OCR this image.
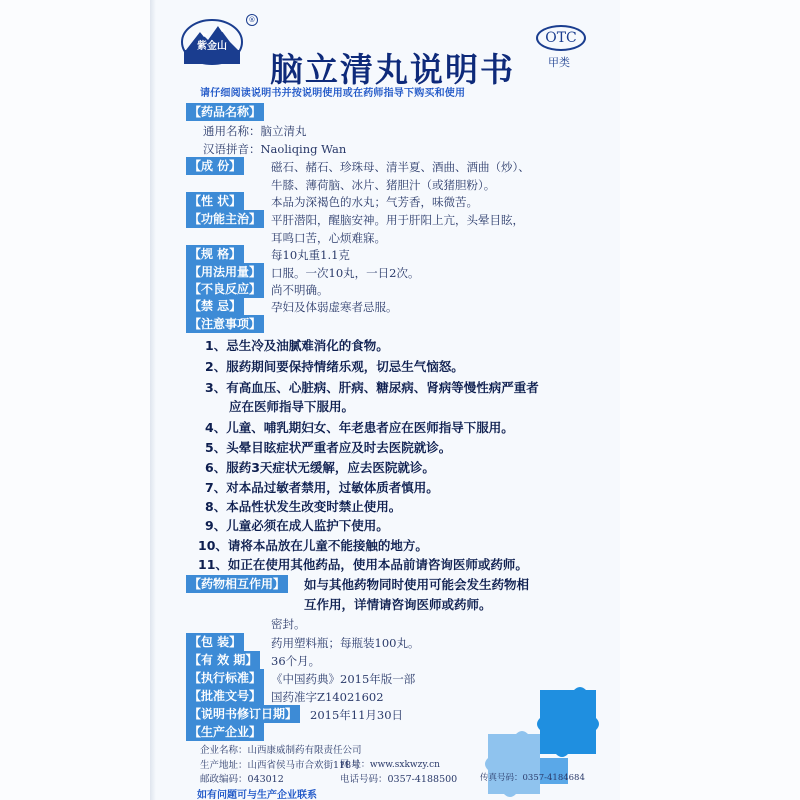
紫金山
®
脑立清丸说明书
OTC
甲类
请仔细阅读说明书并按说明使用或在药师指导下购买和使用
【药品名称】
通用名称：脑立清丸
汉语拼音：Naoliqing Wan
【成 份】	磁石、赭石、珍珠母、清半夏、酒曲、酒曲（炒）、
牛膝、薄荷脑、冰片、猪胆汁（或猪胆粉）。
【性 状】	本品为深褐色的水丸；气芳香，味微苦。
【功能主治】 平肝潜阳，醒脑安神。用于肝阳上亢，头晕目眩，
耳鸣口苦，心烦难寐。
【规 格】	每10丸重1.1克
【用法用量】 口服。一次10丸，一日2次。
【不良反应】 尚不明确。
【禁 忌】	孕妇及体弱虚寒者忌服。
【注意事项】
1、忌生冷及油腻难消化的食物。
2、服药期间要保持情绪乐观，切忌生气恼怒。
3、有高血压、心脏病、肝病、糖尿病、肾病等慢性病严重者
应在医师指导下服用。
4、儿童、哺乳期妇女、年老患者应在医师指导下服用。
5、头晕目眩症状严重者应及时去医院就诊。
6、服药3天症状无缓解，应去医院就诊。
7、对本品过敏者禁用，过敏体质者慎用。
8、本品性状发生改变时禁止使用。
9、儿童必须在成人监护下使用。
10、请将本品放在儿童不能接触的地方。
11、如正在使用其他药品，使用本品前请咨询医师或药师。
【药物相互作用】 如与其他药物同时使用可能会发生药物相
互作用，详情请咨询医师或药师。
密封。
【包 装】	药用塑料瓶；每瓶装100丸。
【有 效 期】 36个月。
【执行标准】 《中国药典》2015年版一部
【批准文号】 国药准字Z14021602
【说明书修订日期】 2015年11月30日
【生产企业】
企业名称：山西康威制药有限责任公司
生产地址：山西省侯马市合欢街118号
如有问题可与生产企业联系
邮政编码：043012	电话号码：0357-4188500	传真号码：0357-4184684
网 址：www.sxkwzy.cn
